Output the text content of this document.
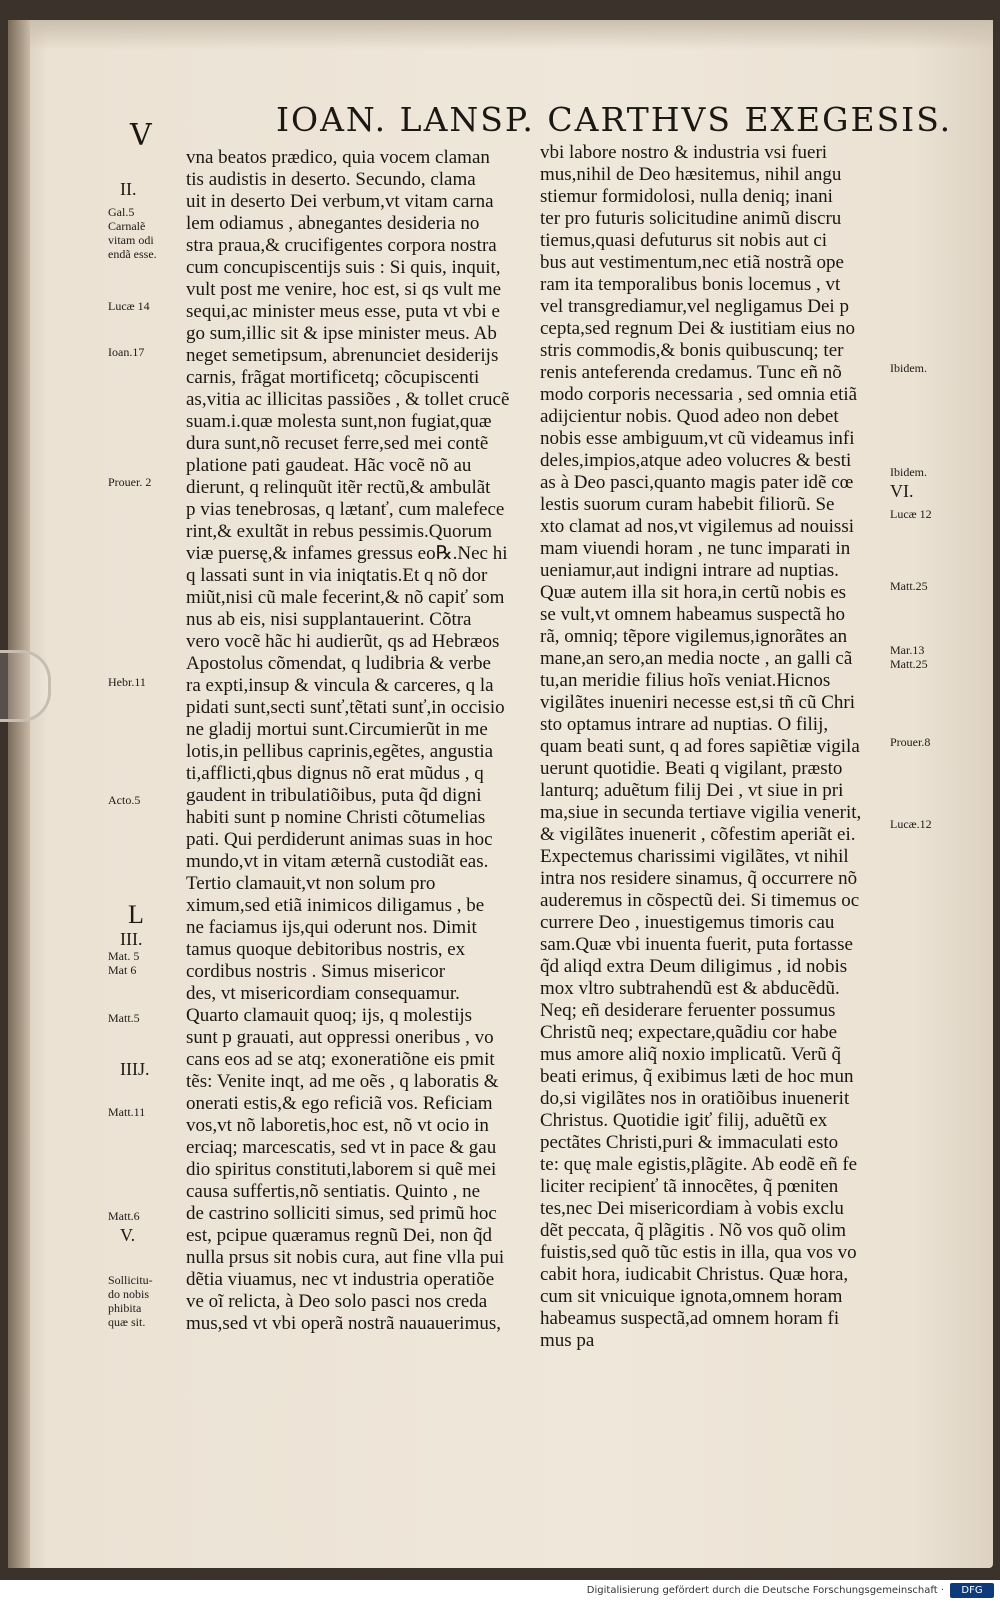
V	IOAN. LANSP. CARTHVS EXEGESIS.
vna beatos prædico, quia vocem claman
tis audistis in deserto. Secundo, clama
uit in deserto Dei verbum,vt vitam carna
lem odiamus , abnegantes desideria no
stra praua,& crucifigentes corpora nostra
cum concupiscentijs suis : Si quis, inquit,
vult post me venire, hoc est, si qs vult me
sequi,ac minister meus esse, puta vt vbi e
go sum,illic sit & ipse minister meus. Ab
neget semetipsum, abrenunciet desiderijs
carnis, frãgat mortificetq; cõcupiscenti
as,vitia ac illicitas passiões , & tollet crucẽ
suam.i.quæ molesta sunt,non fugiat,quæ
dura sunt,nõ recuset ferre,sed mei contẽ
platione pati gaudeat. Hãc vocẽ nõ au
dierunt, q relinquũt itẽr rectũ,& ambulãt
p vias tenebrosas, q lætanť, cum malefece
rint,& exultãt in rebus pessimis.Quorum
viæ puersę,& infames gressus eo℞.Nec hi
q lassati sunt in via iniqtatis.Et q nõ dor
miũt,nisi cũ male fecerint,& nõ capiť som
nus ab eis, nisi supplantauerint. Cõtra
vero vocẽ hãc hi audierũt, qs ad Hebræos
Apostolus cõmendat, q ludibria & verbe
ra expti,insup & vincula & carceres, q la
pidati sunt,secti sunť,tẽtati sunť,in occisio
ne gladij mortui sunt.Circumierũt in me
lotis,in pellibus caprinis,egẽtes, angustia
ti,afflicti,qbus dignus nõ erat mũdus , q
gaudent in tribulatiõibus, puta q̃d digni
habiti sunt p nomine Christi cõtumelias
pati. Qui perdiderunt animas suas in hoc
mundo,vt in vitam æternã custodiãt eas.
Tertio clamauit,vt non solum pro
ximum,sed etiã inimicos diligamus , be
ne faciamus ijs,qui oderunt nos. Dimit
tamus quoque debitoribus nostris, ex
cordibus nostris . Simus misericor
des, vt misericordiam consequamur.
Quarto clamauit quoq; ijs, q molestijs
sunt p grauati, aut oppressi oneribus , vo
cans eos ad se atq; exoneratiõne eis pmit
tẽs: Venite inqt, ad me oẽs , q laboratis &
onerati estis,& ego reficiã vos. Reficiam
vos,vt nõ laboretis,hoc est, nõ vt ocio in
erciaq; marcescatis, sed vt in pace & gau
dio spiritus constituti,laborem si quẽ mei
causa suffertis,nõ sentiatis. Quinto , ne
de castrino solliciti simus, sed primũ hoc
est, pcipue quæramus regnũ Dei, non q̃d
nulla prsus sit nobis cura, aut fine vlla pui
dẽtia viuamus, nec vt industria operatiõe
ve oĩ relicta, à Deo solo pasci nos creda
mus,sed vt vbi operã nostrã nauauerimus,
vbi labore nostro & industria vsi fueri
mus,nihil de Deo hæsitemus, nihil angu
stiemur formidolosi, nulla deniq; inani
ter pro futuris solicitudine animũ discru
tiemus,quasi defuturus sit nobis aut ci
bus aut vestimentum,nec etiã nostrã ope
ram ita temporalibus bonis locemus , vt
vel transgrediamur,vel negligamus Dei p
cepta,sed regnum Dei & iustitiam eius no
stris commodis,& bonis quibuscunq; ter
renis anteferenda credamus. Tunc eñ nõ
modo corporis necessaria , sed omnia etiã
adijcientur nobis. Quod adeo non debet
nobis esse ambiguum,vt cũ videamus infi
deles,impios,atque adeo volucres & besti
as à Deo pasci,quanto magis pater idẽ cœ
lestis suorum curam habebit filiorũ. Se
xto clamat ad nos,vt vigilemus ad nouissi
mam viuendi horam , ne tunc imparati in
ueniamur,aut indigni intrare ad nuptias.
Quæ autem illa sit hora,in certũ nobis es
se vult,vt omnem habeamus suspectã ho
rã, omniq; tẽpore vigilemus,ignorãtes an
mane,an sero,an media nocte , an galli cã
tu,an meridie filius hoĩs veniat.Hicnos
vigilãtes inueniri necesse est,si tñ cũ Chri
sto optamus intrare ad nuptias. O filij,
quam beati sunt, q ad fores sapiẽtiæ vigila
uerunt quotidie. Beati q vigilant, præsto
lanturq; aduẽtum filij Dei , vt siue in pri
ma,siue in secunda tertiave vigilia venerit,
& vigilãtes inuenerit , cõfestim aperiãt ei.
Expectemus charissimi vigilãtes, vt nihil
intra nos residere sinamus, q̃ occurrere nõ
auderemus in cõspectũ dei. Si timemus oc
currere Deo , inuestigemus timoris cau
sam.Quæ vbi inuenta fuerit, puta fortasse
q̃d aliqd extra Deum diligimus , id nobis
mox vltro subtrahendũ est & abducẽdũ.
Neq; eñ desiderare feruenter possumus
Christũ neq; expectare,quãdiu cor habe
mus amore aliq̃ noxio implicatũ. Verũ q̃
beati erimus, q̃ exibimus læti de hoc mun
do,si vigilãtes nos in oratiõibus inuenerit
Christus. Quotidie igiť filij, aduẽtũ ex
pectãtes Christi,puri & immaculati esto
te: quę male egistis,plãgite. Ab eodẽ eñ fe
liciter recipienť tã innocẽtes, q̃ pœniten
tes,nec Dei misericordiam à vobis exclu
dẽt peccata, q̃ plãgitis . Nõ vos quõ olim
fuistis,sed quõ tũc estis in illa, qua vos vo
cabit hora, iudicabit Christus. Quæ hora,
cum sit vnicuique ignota,omnem horam
habeamus suspectã,ad omnem horam fi
mus pa
II.
Gal.5
Carnalẽ
vitam odi
endã esse.
Lucæ 14
Ioan.17
Prouer. 2
Hebr.11
Acto.5
L
III.
Mat. 5
Mat 6
Matt.5
IIIJ.
Matt.11
Matt.6
V.
Sollicitu-
do nobis
phibita
quæ sit.
Ibidem.
Ibidem.
VI.
Lucæ 12
Matt.25
Mar.13
Matt.25
Prouer.8
Lucæ.12
Digitalisierung gefördert durch die Deutsche Forschungsgemeinschaft ·	DFG
